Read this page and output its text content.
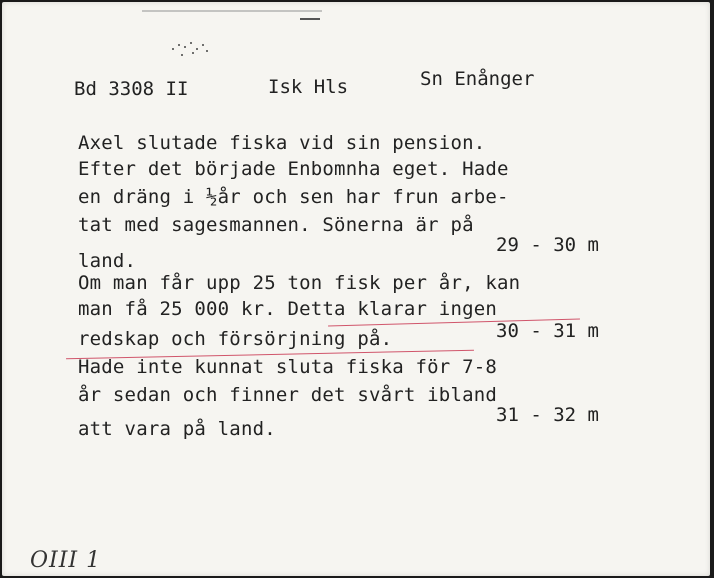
Bd 3308 II	Isk Hls	Sn Enånger
Axel slutade fiska vid sin pension.
Efter det började Enbomnha eget. Hade
en dräng i ½år och sen har frun arbe-
tat med sagesmannen. Sönerna är på
land.
Om man får upp 25 ton fisk per år, kan
man få 25 000 kr. Detta klarar ingen
redskap och försörjning på.
Hade inte kunnat sluta fiska för 7-8
år sedan och finner det svårt ibland
att vara på land.
29 - 30 m
30 - 31 m
31 - 32 m
OIII 1
